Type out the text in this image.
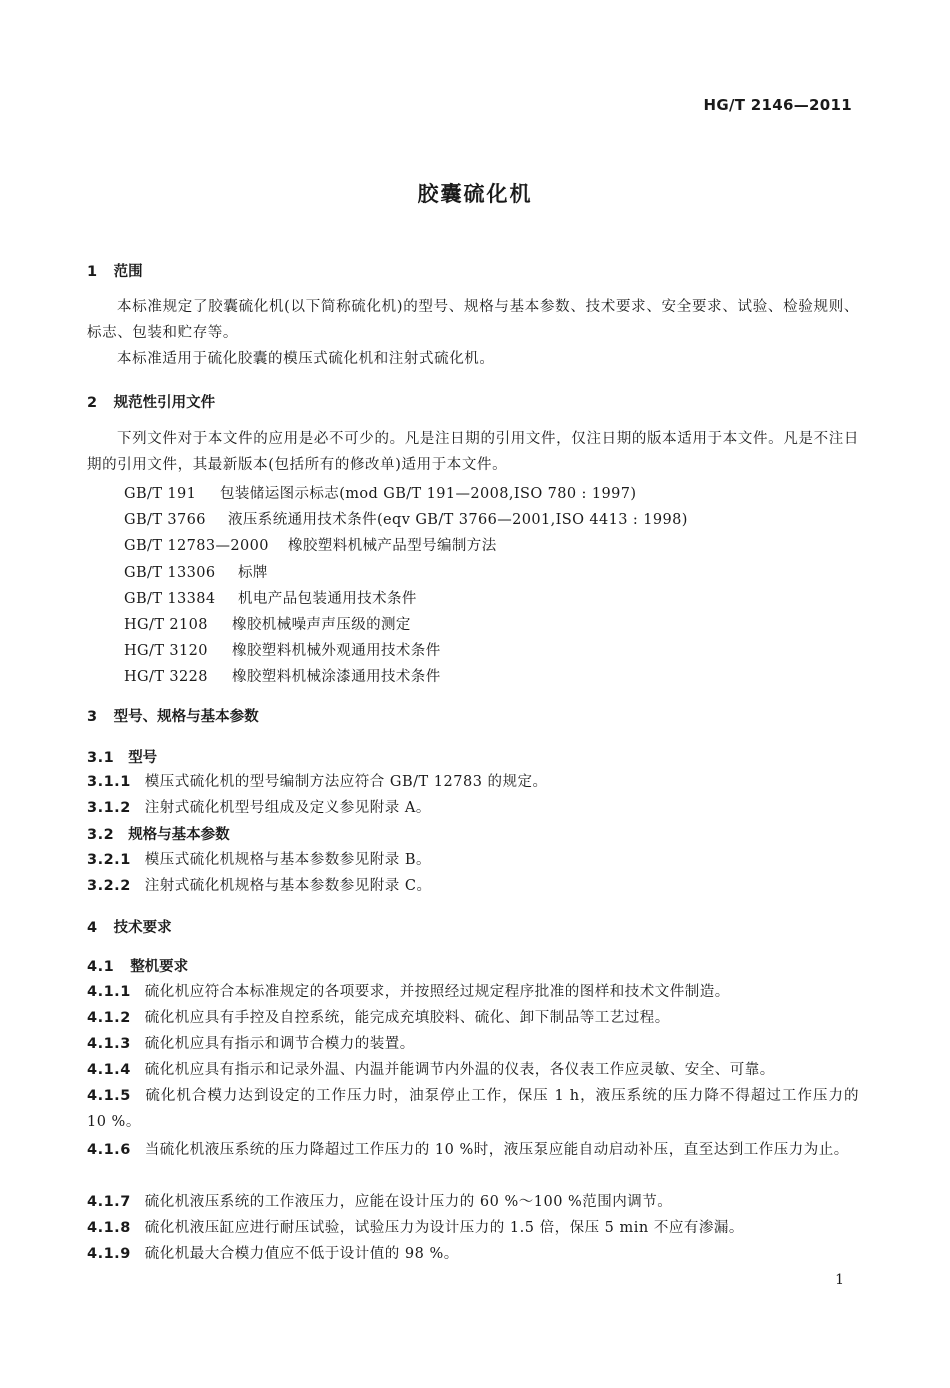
HG/T 2146—2011
胶囊硫化机
1 范围
本标准规定了胶囊硫化机(以下简称硫化机)的型号、规格与基本参数、技术要求、安全要求、试验、检验规则、标志、包装和贮存等。
本标准适用于硫化胶囊的模压式硫化机和注射式硫化机。
2 规范性引用文件
下列文件对于本文件的应用是必不可少的。凡是注日期的引用文件，仅注日期的版本适用于本文件。凡是不注日期的引用文件，其最新版本(包括所有的修改单)适用于本文件。
GB/T 191 包装储运图示标志(mod GB/T 191—2008,ISO 780 : 1997)
GB/T 3766 液压系统通用技术条件(eqv GB/T 3766—2001,ISO 4413 : 1998)
GB/T 12783—2000 橡胶塑料机械产品型号编制方法
GB/T 13306 标牌
GB/T 13384 机电产品包装通用技术条件
HG/T 2108 橡胶机械噪声声压级的测定
HG/T 3120 橡胶塑料机械外观通用技术条件
HG/T 3228 橡胶塑料机械涂漆通用技术条件
3 型号、规格与基本参数
3.1 型号
3.1.1 模压式硫化机的型号编制方法应符合 GB/T 12783 的规定。
3.1.2 注射式硫化机型号组成及定义参见附录 A。
3.2 规格与基本参数
3.2.1 模压式硫化机规格与基本参数参见附录 B。
3.2.2 注射式硫化机规格与基本参数参见附录 C。
4 技术要求
4.1 整机要求
4.1.1 硫化机应符合本标准规定的各项要求，并按照经过规定程序批准的图样和技术文件制造。
4.1.2 硫化机应具有手控及自控系统，能完成充填胶料、硫化、卸下制品等工艺过程。
4.1.3 硫化机应具有指示和调节合模力的装置。
4.1.4 硫化机应具有指示和记录外温、内温并能调节内外温的仪表，各仪表工作应灵敏、安全、可靠。
4.1.5 硫化机合模力达到设定的工作压力时，油泵停止工作，保压 1 h，液压系统的压力降不得超过工作压力的 10 %。
4.1.6 当硫化机液压系统的压力降超过工作压力的 10 %时，液压泵应能自动启动补压，直至达到工作压力为止。
4.1.7 硫化机液压系统的工作液压力，应能在设计压力的 60 %～100 %范围内调节。
4.1.8 硫化机液压缸应进行耐压试验，试验压力为设计压力的 1.5 倍，保压 5 min 不应有渗漏。
4.1.9 硫化机最大合模力值应不低于设计值的 98 %。
1
